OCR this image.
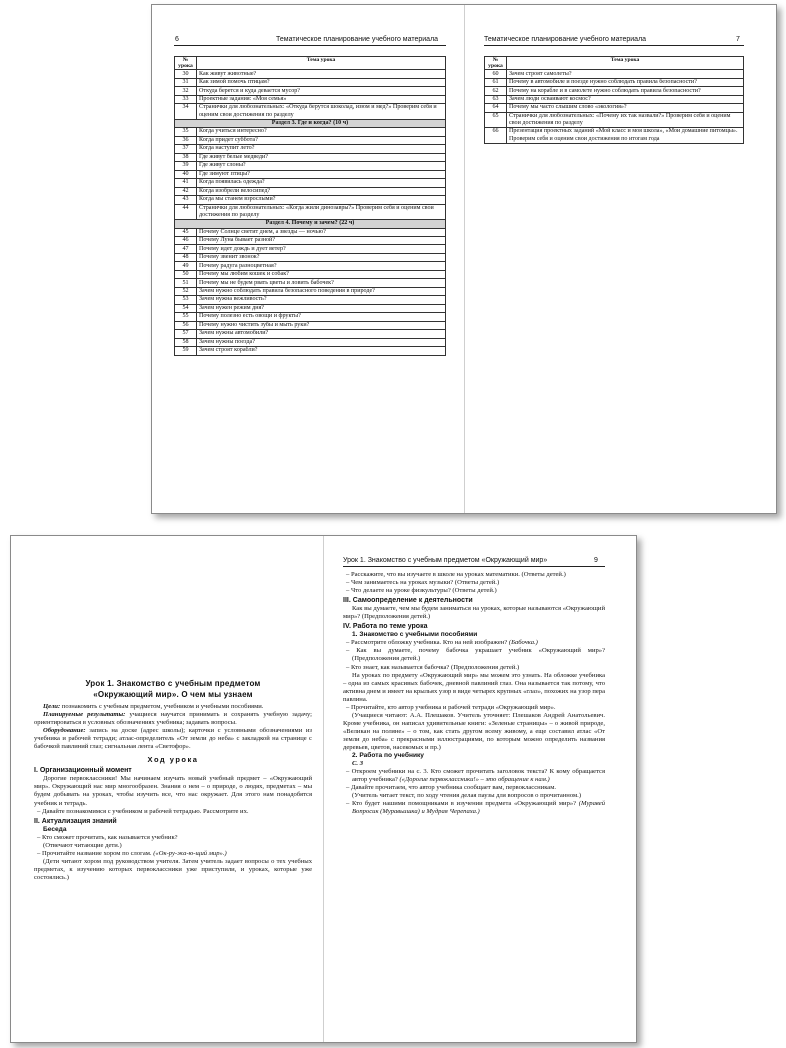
6	Тематическое планирование учебного материала
№ урока	Тема урока
30	Как живут животные?
31	Как зимой помочь птицам?
32	Откуда берется и куда девается мусор?
33	Проектные задания: «Моя семья»
34	Странички для любознательных: «Откуда берутся шоколад, изюм и мед?» Проверим себя и оценим свои достижения по разделу
Раздел 3. Где и когда? (10 ч)	
35	Когда учиться интересно?
36	Когда придет суббота?
37	Когда наступит лето?
38	Где живут белые медведи?
39	Где живут слоны?
40	Где зимуют птицы?
41	Когда появилась одежда?
42	Когда изобрели велосипед?
43	Когда мы станем взрослыми?
44	Странички для любознательных: «Когда жили динозавры?» Проверим себя и оценим свои достижения по разделу
Раздел 4. Почему и зачем? (22 ч)	
45	Почему Солнце светит днем, а звезды — ночью?
46	Почему Луна бывает разной?
47	Почему идет дождь и дует ветер?
48	Почему звенит звонок?
49	Почему радуга разноцветная?
50	Почему мы любим кошек и собак?
51	Почему мы не будем рвать цветы и ловить бабочек?
52	Зачем нужно соблюдать правила безопасного поведения в природе?
53	Зачем нужна вежливость?
54	Зачем нужен режим дня?
55	Почему полезно есть овощи и фрукты?
56	Почему нужно чистить зубы и мыть руки?
57	Зачем нужны автомобили?
58	Зачем нужны поезда?
59	Зачем строят корабли?
Тематическое планирование учебного материала	7
№ урока	Тема урока
60	Зачем строят самолеты?
61	Почему в автомобиле и поезде нужно соблюдать правила безопасности?
62	Почему на корабле и в самолете нужно соблюдать правила безопасности?
63	Зачем люди осваивают космос?
64	Почему мы часто слышим слово «экология»?
65	Странички для любознательных: «Почему их так назвали?» Проверим себя и оценим свои достижения по разделу
66	Презентация проектных заданий «Мой класс и моя школа», «Мои домашние питомцы». Проверим себя и оценим свои достижения по итогам года

Урок 1. Знакомство с учебным предметом

«Окружающий мир». О чем мы узнаем

Цели: познакомить с учебным предметом, учебником и учебными пособиями.

Планируемые результаты: учащиеся научатся принимать и сохранять учебную задачу; ориентироваться в условных обозначениях учебника; задавать вопросы.

Оборудование: запись на доске (адрес школы); карточки с условными обозначениями из учебника и рабочей тетради; атлас-определитель «От земли до неба» с закладкой на странице с бабочкой павлиний глаз; сигнальная лента «Светофор».

Ход урока

I. Организационный момент

Дорогие первоклассники! Мы начинаем изучать новый учебный предмет – «Окружающий мир». Окружающий нас мир многообразен. Знания о нем – о природе, о людях, предметах – мы будем добывать на уроках, чтобы изучить все, что нас окружает. Для этого нам понадобятся учебник и тетрадь.

– Давайте познакомимся с учебником и рабочей тетрадью. Рассмотрите их.

II. Актуализация знаний

Беседа

– Кто сможет прочитать, как называется учебник?

(Отвечают читающие дети.)

– Прочитайте название хором по слогам. («Ок-ру-жа-ю-щий мир».)

(Дети читают хором под руководством учителя. Затем учитель задает вопросы о тех учебных предметах, к изучению которых первоклассники уже приступили, и уроках, которые уже состоялись.)

Урок 1. Знакомство с учебным предметом «Окружающий мир»	9

– Расскажите, что вы изучаете в школе на уроках математики. (Ответы детей.)

– Чем занимаетесь на уроках музыки? (Ответы детей.)

– Что делаете на уроке физкультуры? (Ответы детей.)

III. Самоопределение к деятельности

Как вы думаете, чем мы будем заниматься на уроках, которые называются «Окружающий мир»? (Предположения детей.)

IV. Работа по теме урока

1. Знакомство с учебными пособиями

– Рассмотрите обложку учебника. Кто на ней изображен? (Бабочка.)

– Как вы думаете, почему бабочка украшает учебник «Окружающий мир»? (Предположения детей.)

– Кто знает, как называется бабочка? (Предположения детей.)

На уроках по предмету «Окружающий мир» мы можем это узнать. На обложке учебника – одна из самых красивых бабочек, дневной павлиний глаз. Она называется так потому, что активна днем и имеет на крыльях узор в виде четырех крупных «глаз», похожих на узор пера павлина.

– Прочитайте, кто автор учебника и рабочей тетради «Окружающий мир».

(Учащиеся читают: А.А. Плешаков. Учитель уточняет: Плешаков Андрей Анатольевич. Кроме учебника, он написал удивительные книги: «Зеленые страницы» – о живой природе, «Великан на поляне» – о том, как стать другом всему живому, а еще составил атлас «От земли до неба» с прекрасными иллюстрациями, по которым можно определить названия деревьев, цветов, насекомых и пр.)

2. Работа по учебнику

С. 3

– Откроем учебники на с. 3. Кто сможет прочитать заголовок текста? К кому обращается автор учебника? («Дорогие первоклассники!» – это обращение к нам.)

– Давайте прочитаем, что автор учебника сообщает вам, первоклассникам.

(Учитель читает текст, по ходу чтения делая паузы для вопросов о прочитанном.)

– Кто будет нашими помощниками в изучении предмета «Окружающий мир»? (Муравей Вопросик (Муравьишка) и Мудрая Черепаха.)
